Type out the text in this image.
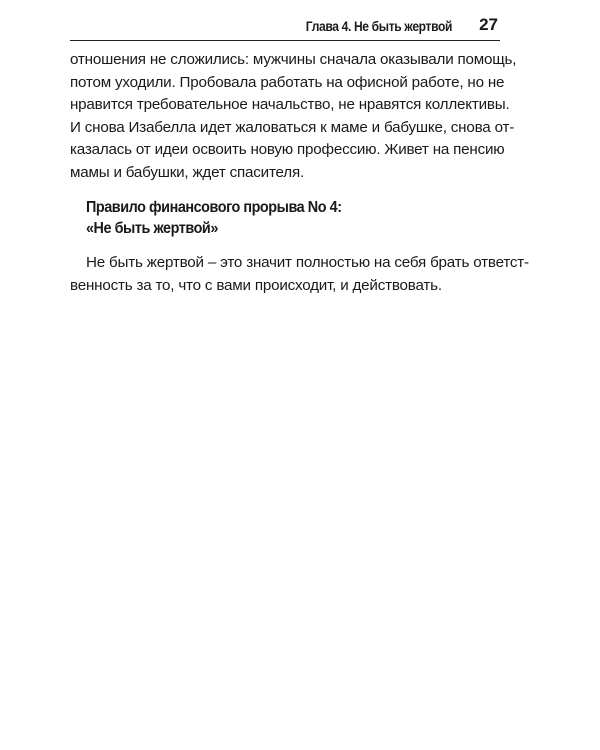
Глава 4. Не быть жертвой 27

отношения не сложились: мужчины сначала оказывали помощь,
потом уходили. Пробовала работать на офисной работе, но не
нравится требовательное начальство, не нравятся коллективы.
И снова Изабелла идет жаловаться к маме и бабушке, снова от-
казалась от идеи освоить новую профессию. Живет на пенсию
мамы и бабушки, ждет спасителя.

Правило финансового прорыва No 4:
«Не быть жертвой»

Не быть жертвой – это значит полностью на себя брать ответст-
венность за то, что с вами происходит, и действовать.
